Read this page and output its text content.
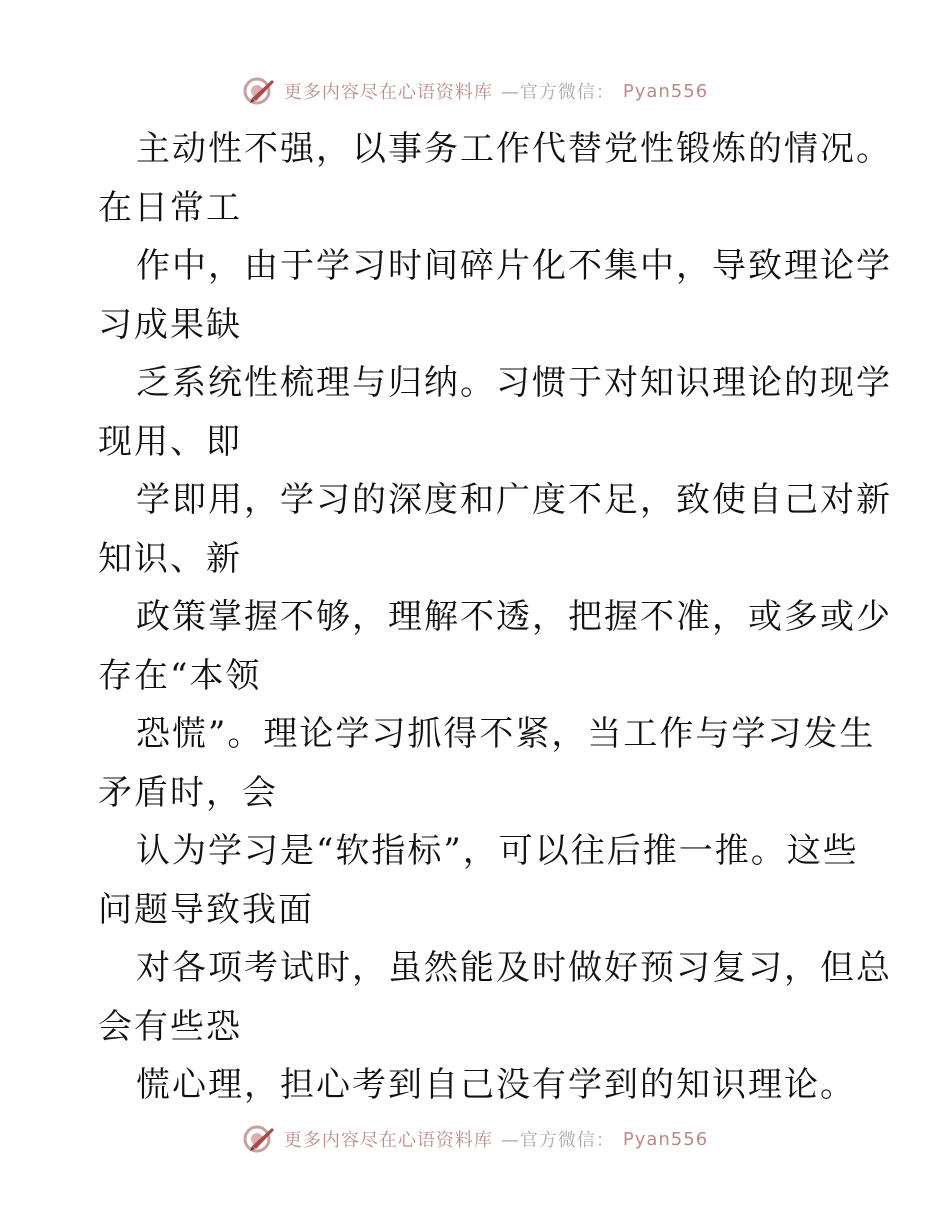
更多内容尽在心语资料库 —官方微信： Pyan556
主动性不强，以事务工作代替党性锻炼的情况。
在日常工
作中，由于学习时间碎片化不集中，导致理论学
习成果缺
乏系统性梳理与归纳。习惯于对知识理论的现学
现用、即
学即用，学习的深度和广度不足，致使自己对新
知识、新
政策掌握不够，理解不透，把握不准，或多或少
存在“本领
恐慌”。理论学习抓得不紧，当工作与学习发生
矛盾时，会
认为学习是“软指标”，可以往后推一推。这些
问题导致我面
对各项考试时，虽然能及时做好预习复习，但总
会有些恐
慌心理，担心考到自己没有学到的知识理论。
更多内容尽在心语资料库 —官方微信： Pyan556
